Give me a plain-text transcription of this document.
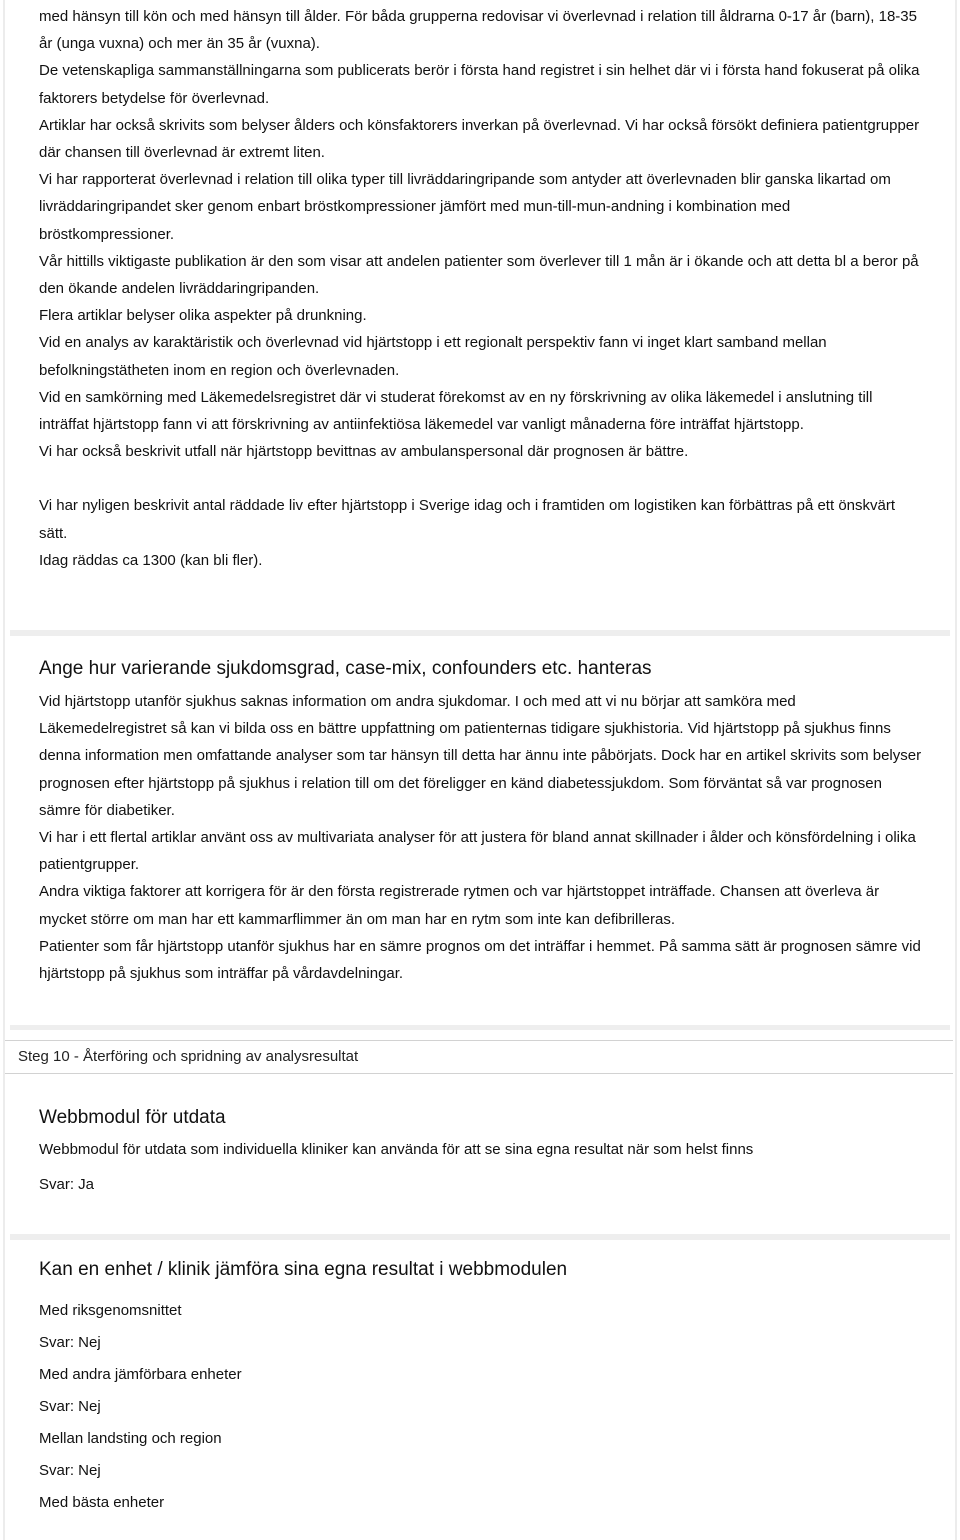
med hänsyn till kön och med hänsyn till ålder. För båda grupperna redovisar vi överlevnad i relation till åldrarna 0-17 år (barn), 18-35 år (unga vuxna) och mer än 35 år (vuxna).

De vetenskapliga sammanställningarna som publicerats berör i första hand registret i sin helhet där vi i första hand fokuserat på olika faktorers betydelse för överlevnad.

Artiklar har också skrivits som belyser ålders och könsfaktorers inverkan på överlevnad. Vi har också försökt definiera patientgrupper där chansen till överlevnad är extremt liten.

Vi har rapporterat överlevnad i relation till olika typer till livräddaringripande som antyder att överlevnaden blir ganska likartad om livräddaringripandet sker genom enbart bröstkompressioner jämfört med mun-till-mun-andning i kombination med bröstkompressioner.

Vår hittills viktigaste publikation är den som visar att andelen patienter som överlever till 1 mån är i ökande och att detta bl a beror på den ökande andelen livräddaringripanden.

Flera artiklar belyser olika aspekter på drunkning.

Vid en analys av karaktäristik och överlevnad vid hjärtstopp i ett regionalt perspektiv fann vi inget klart samband mellan befolkningstätheten inom en region och överlevnaden.

Vid en samkörning med Läkemedelsregistret där vi studerat förekomst av en ny förskrivning av olika läkemedel i anslutning till inträffat hjärtstopp fann vi att förskrivning av antiinfektiösa läkemedel var vanligt månaderna före inträffat hjärtstopp.

Vi har också beskrivit utfall när hjärtstopp bevittnas av ambulanspersonal där prognosen är bättre.

Vi har nyligen beskrivit antal räddade liv efter hjärtstopp i Sverige idag och i framtiden om logistiken kan förbättras på ett önskvärt sätt.

Idag räddas ca 1300 (kan bli fler).

Ange hur varierande sjukdomsgrad, case-mix, confounders etc. hanteras

Vid hjärtstopp utanför sjukhus saknas information om andra sjukdomar. I och med att vi nu börjar att samköra med Läkemedelregistret så kan vi bilda oss en bättre uppfattning om patienternas tidigare sjukhistoria. Vid hjärtstopp på sjukhus finns denna information men omfattande analyser som tar hänsyn till detta har ännu inte påbörjats. Dock har en artikel skrivits som belyser prognosen efter hjärtstopp på sjukhus i relation till om det föreligger en känd diabetessjukdom. Som förväntat så var prognosen sämre för diabetiker.

Vi har i ett flertal artiklar använt oss av multivariata analyser för att justera för bland annat skillnader i ålder och könsfördelning i olika patientgrupper.

Andra viktiga faktorer att korrigera för är den första registrerade rytmen och var hjärtstoppet inträffade. Chansen att överleva är mycket större om man har ett kammarflimmer än om man har en rytm som inte kan defibrilleras.

Patienter som får hjärtstopp utanför sjukhus har en sämre prognos om det inträffar i hemmet. På samma sätt är prognosen sämre vid hjärtstopp på sjukhus som inträffar på vårdavdelningar.

Steg 10 - Återföring och spridning av analysresultat
Webbmodul för utdata

Webbmodul för utdata som individuella kliniker kan använda för att se sina egna resultat när som helst finns

Svar: Ja

Kan en enhet / klinik jämföra sina egna resultat i webbmodulen

Med riksgenomsnittet

Svar: Nej

Med andra jämförbara enheter

Svar: Nej

Mellan landsting och region

Svar: Nej

Med bästa enheter
